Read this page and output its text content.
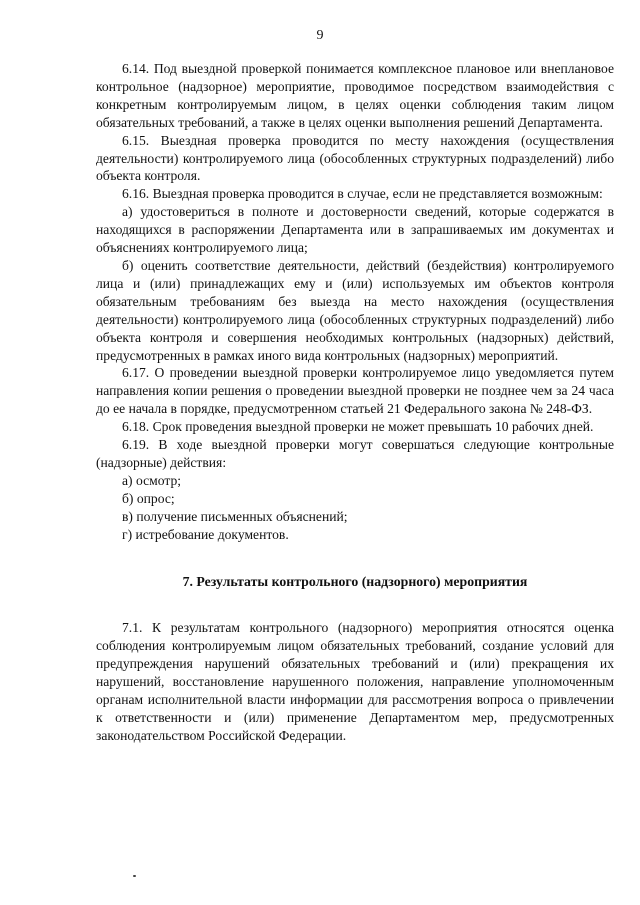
9

6.14. Под выездной проверкой понимается комплексное плановое или внеплановое контрольное (надзорное) мероприятие, проводимое посредством взаимодействия с конкретным контролируемым лицом, в целях оценки соблюдения таким лицом обязательных требований, а также в целях оценки выполнения решений Департамента.

6.15. Выездная проверка проводится по месту нахождения (осуществления деятельности) контролируемого лица (обособленных структурных подразделений) либо объекта контроля.

6.16. Выездная проверка проводится в случае, если не представляется возможным:

а) удостовериться в полноте и достоверности сведений, которые содержатся в находящихся в распоряжении Департамента или в запрашиваемых им документах и объяснениях контролируемого лица;

б) оценить соответствие деятельности, действий (бездействия) контролируемого лица и (или) принадлежащих ему и (или) используемых им объектов контроля обязательным требованиям без выезда на место нахождения (осуществления деятельности) контролируемого лица (обособленных структурных подразделений) либо объекта контроля и совершения необходимых контрольных (надзорных) действий, предусмотренных в рамках иного вида контрольных (надзорных) мероприятий.

6.17. О проведении выездной проверки контролируемое лицо уведомляется путем направления копии решения о проведении выездной проверки не позднее чем за 24 часа до ее начала в порядке, предусмотренном статьей 21 Федерального закона № 248-ФЗ.

6.18. Срок проведения выездной проверки не может превышать 10 рабочих дней.

6.19. В ходе выездной проверки могут совершаться следующие контрольные (надзорные) действия:

а) осмотр;

б) опрос;

в) получение письменных объяснений;

г) истребование документов.

7. Результаты контрольного (надзорного) мероприятия

7.1. К результатам контрольного (надзорного) мероприятия относятся оценка соблюдения контролируемым лицом обязательных требований, создание условий для предупреждения нарушений обязательных требований и (или) прекращения их нарушений, восстановление нарушенного положения, направление уполномоченным органам исполнительной власти информации для рассмотрения вопроса о привлечении к ответственности и (или) применение Департаментом мер, предусмотренных законодательством Российской Федерации.
